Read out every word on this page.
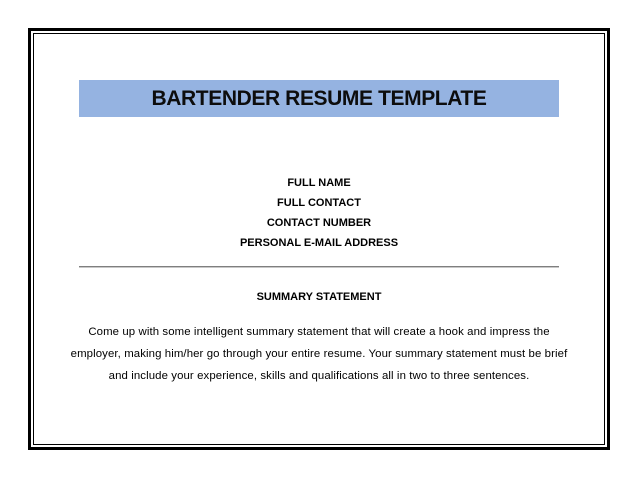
BARTENDER RESUME TEMPLATE
FULL NAME
FULL CONTACT
CONTACT NUMBER
PERSONAL E-MAIL ADDRESS
SUMMARY STATEMENT
Come up with some intelligent summary statement that will create a hook and impress the employer, making him/her go through your entire resume. Your summary statement must be brief and include your experience, skills and qualifications all in two to three sentences.
